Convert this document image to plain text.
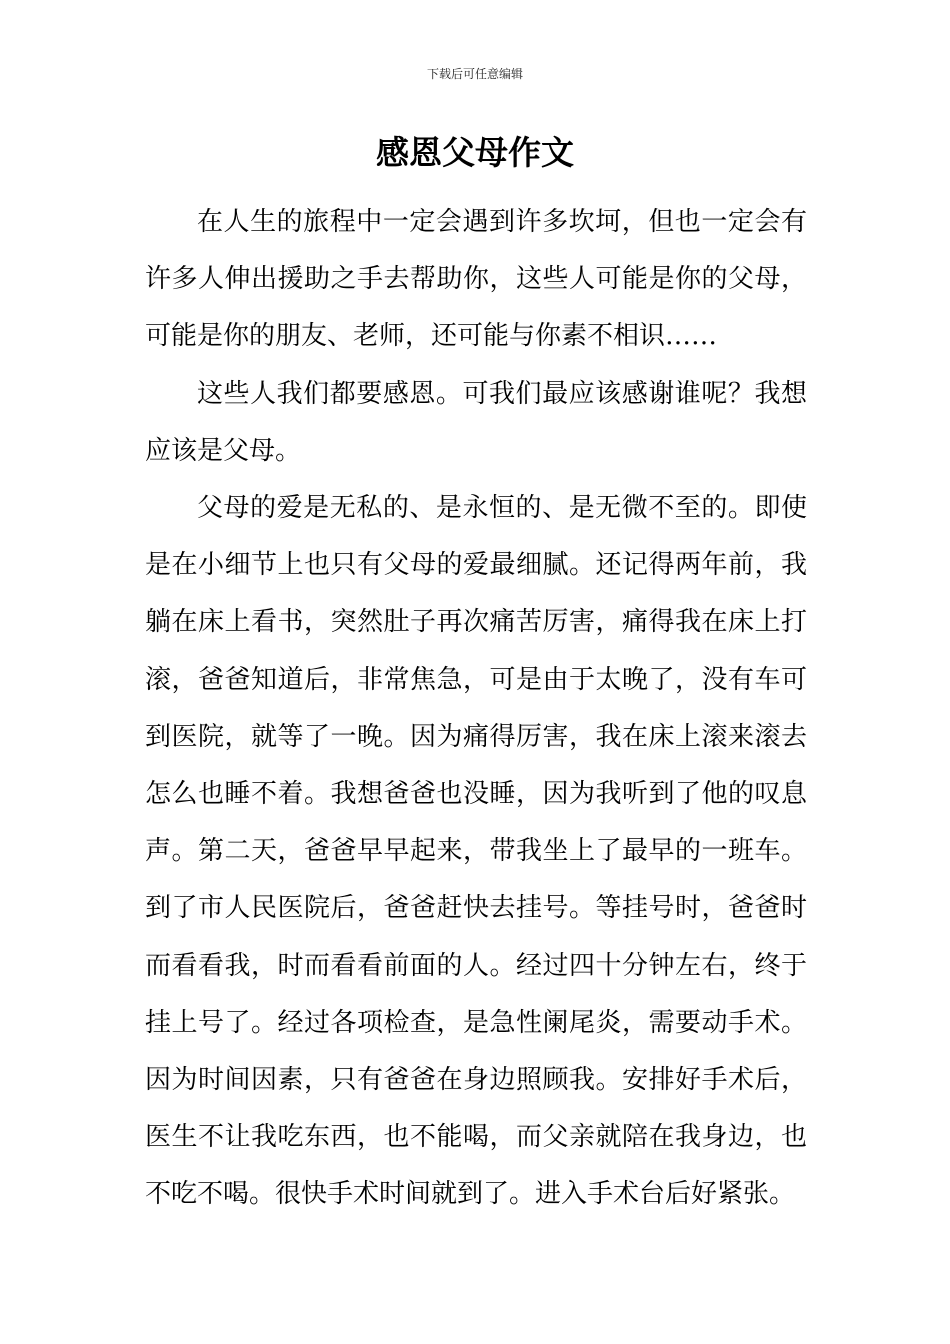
下载后可任意编辑
感恩父母作文

在人生的旅程中一定会遇到许多坎坷，但也一定会有许多人伸出援助之手去帮助你，这些人可能是你的父母，可能是你的朋友、老师，还可能与你素不相识……

这些人我们都要感恩。可我们最应该感谢谁呢？我想应该是父母。

父母的爱是无私的、是永恒的、是无微不至的。即使是在小细节上也只有父母的爱最细腻。还记得两年前，我躺在床上看书，突然肚子再次痛苦厉害，痛得我在床上打滚，爸爸知道后，非常焦急，可是由于太晚了，没有车可到医院，就等了一晚。因为痛得厉害，我在床上滚来滚去怎么也睡不着。我想爸爸也没睡，因为我听到了他的叹息声。第二天，爸爸早早起来，带我坐上了最早的一班车。到了市人民医院后，爸爸赶快去挂号。等挂号时，爸爸时而看看我，时而看看前面的人。经过四十分钟左右，终于挂上号了。经过各项检查，是急性阑尾炎，需要动手术。因为时间因素，只有爸爸在身边照顾我。安排好手术后，医生不让我吃东西，也不能喝，而父亲就陪在我身边，也不吃不喝。很快手术时间就到了。进入手术台后好紧张。
